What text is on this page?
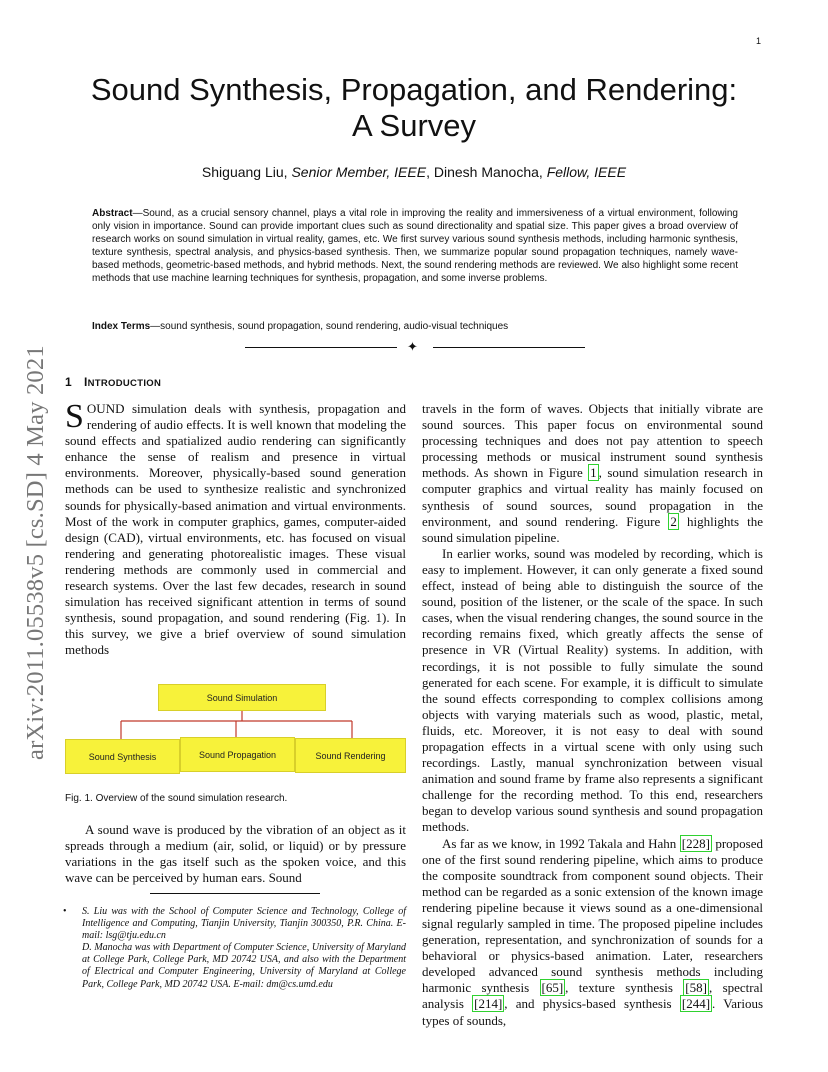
1
arXiv:2011.05538v5 [cs.SD] 4 May 2021
Sound Synthesis, Propagation, and Rendering:
A Survey
Shiguang Liu, Senior Member, IEEE, Dinesh Manocha, Fellow, IEEE

Abstract—Sound, as a crucial sensory channel, plays a vital role in improving the reality and immersiveness of a virtual environment, following only vision in importance. Sound can provide important clues such as sound directionality and spatial size. This paper gives a broad overview of research works on sound simulation in virtual reality, games, etc. We first survey various sound synthesis methods, including harmonic synthesis, texture synthesis, spectral analysis, and physics-based synthesis. Then, we summarize popular sound propagation techniques, namely wave-based methods, geometric-based methods, and hybrid methods. Next, the sound rendering methods are reviewed. We also highlight some recent methods that use machine learning techniques for synthesis, propagation, and some inverse problems.

Index Terms—sound synthesis, sound propagation, sound rendering, audio-visual techniques

✦
1 INTRODUCTION

SOUND simulation deals with synthesis, propagation and rendering of audio effects. It is well known that modeling the sound effects and spatialized audio rendering can significantly enhance the sense of realism and presence in virtual environments. Moreover, physically-based sound generation methods can be used to synthesize realistic and synchronized sounds for physically-based animation and virtual environments. Most of the work in computer graphics, games, computer-aided design (CAD), virtual environments, etc. has focused on visual rendering and generating photorealistic images. These visual rendering methods are commonly used in commercial and research systems. Over the last few decades, research in sound simulation has received significant attention in terms of sound synthesis, sound propagation, and sound rendering (Fig. 1). In this survey, we give a brief overview of sound simulation methods

Sound Simulation
Sound Synthesis	Sound Propagation	Sound Rendering
Fig. 1. Overview of the sound simulation research.

A sound wave is produced by the vibration of an object as it spreads through a medium (air, solid, or liquid) or by pressure variations in the gas itself such as the spoken voice, and this wave can be perceived by human ears. Sound

• S. Liu was with the School of Computer Science and Technology, College of Intelligence and Computing, Tianjin University, Tianjin 300350, P.R. China. E-mail: lsg@tju.edu.cn

D. Manocha was with Department of Computer Science, University of Maryland at College Park, College Park, MD 20742 USA, and also with the Department of Electrical and Computer Engineering, University of Maryland at College Park, College Park, MD 20742 USA. E-mail: dm@cs.umd.edu

travels in the form of waves. Objects that initially vibrate are sound sources. This paper focus on environmental sound processing techniques and does not pay attention to speech processing methods or musical instrument sound synthesis methods. As shown in Figure 1 , sound simulation research in computer graphics and virtual reality has mainly focused on synthesis of sound sources, sound propagation in the environment, and sound rendering. Figure 2 highlights the sound simulation pipeline.

In earlier works, sound was modeled by recording, which is easy to implement. However, it can only generate a fixed sound effect, instead of being able to distinguish the source of the sound, position of the listener, or the scale of the space. In such cases, when the visual rendering changes, the sound source in the recording remains fixed, which greatly affects the sense of presence in VR (Virtual Reality) systems. In addition, with recordings, it is not possible to fully simulate the sound generated for each scene. For example, it is difficult to simulate the sound effects corresponding to complex collisions among objects with varying materials such as wood, plastic, metal, fluids, etc. Moreover, it is not easy to deal with sound propagation effects in a virtual scene with only using such recordings. Lastly, manual synchronization between visual animation and sound frame by frame also represents a significant challenge for the recording method. To this end, researchers began to develop various sound synthesis and sound propagation methods.

As far as we know, in 1992 Takala and Hahn [228] proposed one of the first sound rendering pipeline, which aims to produce the composite soundtrack from component sound objects. Their method can be regarded as a sonic extension of the known image rendering pipeline because it views sound as a one-dimensional signal regularly sampled in time. The proposed pipeline includes generation, representation, and synchronization of sounds for a behavioral or physics-based animation. Later, researchers developed advanced sound synthesis methods including harmonic synthesis [65] , texture synthesis [58] , spectral analysis [214] , and physics-based synthesis [244] . Various types of sounds,
